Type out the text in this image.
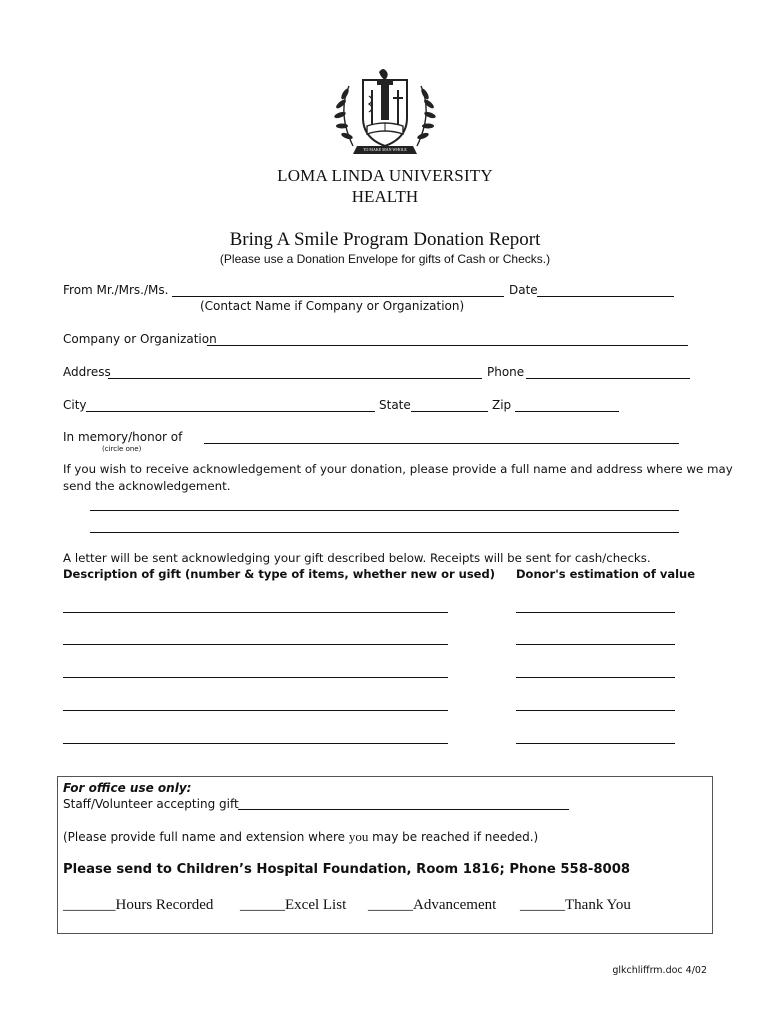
TO MAKE MAN WHOLE
LOMA LINDA UNIVERSITY
HEALTH
Bring A Smile Program Donation Report
(Please use a Donation Envelope for gifts of Cash or Checks.)
From Mr./Mrs./Ms.	Date
(Contact Name if Company or Organization)
Company or Organization
Address	Phone
City	State	Zip
In memory/honor of
(circle one)
If you wish to receive acknowledgement of your donation, please provide a full name and address where we may
send the acknowledgement.
A letter will be sent acknowledging your gift described below. Receipts will be sent for cash/checks.
Description of gift (number & type of items, whether new or used) Donor's estimation of value
For office use only:
Staff/Volunteer accepting gift
(Please provide full name and extension where you may be reached if needed.)
Please send to Children’s Hospital Foundation, Room 1816; Phone 558-8008
_______Hours Recorded ______Excel List ______Advancement ______Thank You
glkchliffrm.doc 4/02
